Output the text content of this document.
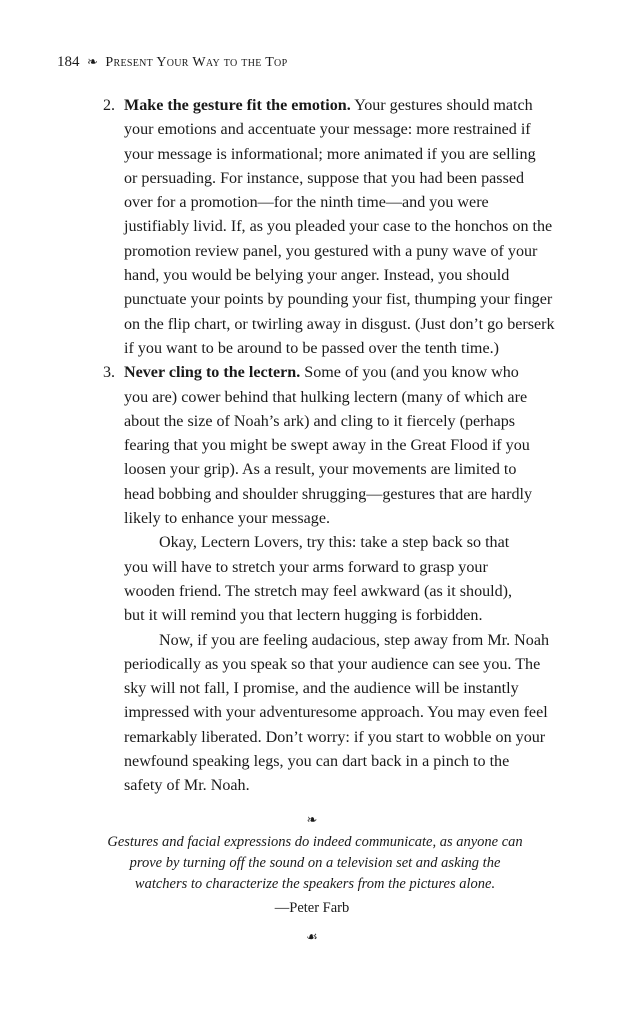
184 ❧ Present Your Way to the Top
2. Make the gesture fit the emotion. Your gestures should match
your emotions and accentuate your message: more restrained if
your message is informational; more animated if you are selling
or persuading. For instance, suppose that you had been passed
over for a promotion—for the ninth time—and you were
justifiably livid. If, as you pleaded your case to the honchos on the
promotion review panel, you gestured with a puny wave of your
hand, you would be belying your anger. Instead, you should
punctuate your points by pounding your fist, thumping your finger
on the flip chart, or twirling away in disgust. (Just don’t go berserk
if you want to be around to be passed over the tenth time.)
3. Never cling to the lectern. Some of you (and you know who
you are) cower behind that hulking lectern (many of which are
about the size of Noah’s ark) and cling to it fiercely (perhaps
fearing that you might be swept away in the Great Flood if you
loosen your grip). As a result, your movements are limited to
head bobbing and shoulder shrugging—gestures that are hardly
likely to enhance your message.
Okay, Lectern Lovers, try this: take a step back so that
you will have to stretch your arms forward to grasp your
wooden friend. The stretch may feel awkward (as it should),
but it will remind you that lectern hugging is forbidden.
Now, if you are feeling audacious, step away from Mr. Noah
periodically as you speak so that your audience can see you. The
sky will not fall, I promise, and the audience will be instantly
impressed with your adventuresome approach. You may even feel
remarkably liberated. Don’t worry: if you start to wobble on your
newfound speaking legs, you can dart back in a pinch to the
safety of Mr. Noah.
❧
Gestures and facial expressions do indeed communicate, as anyone can
prove by turning off the sound on a television set and asking the
watchers to characterize the speakers from the pictures alone.
—Peter Farb
☙
